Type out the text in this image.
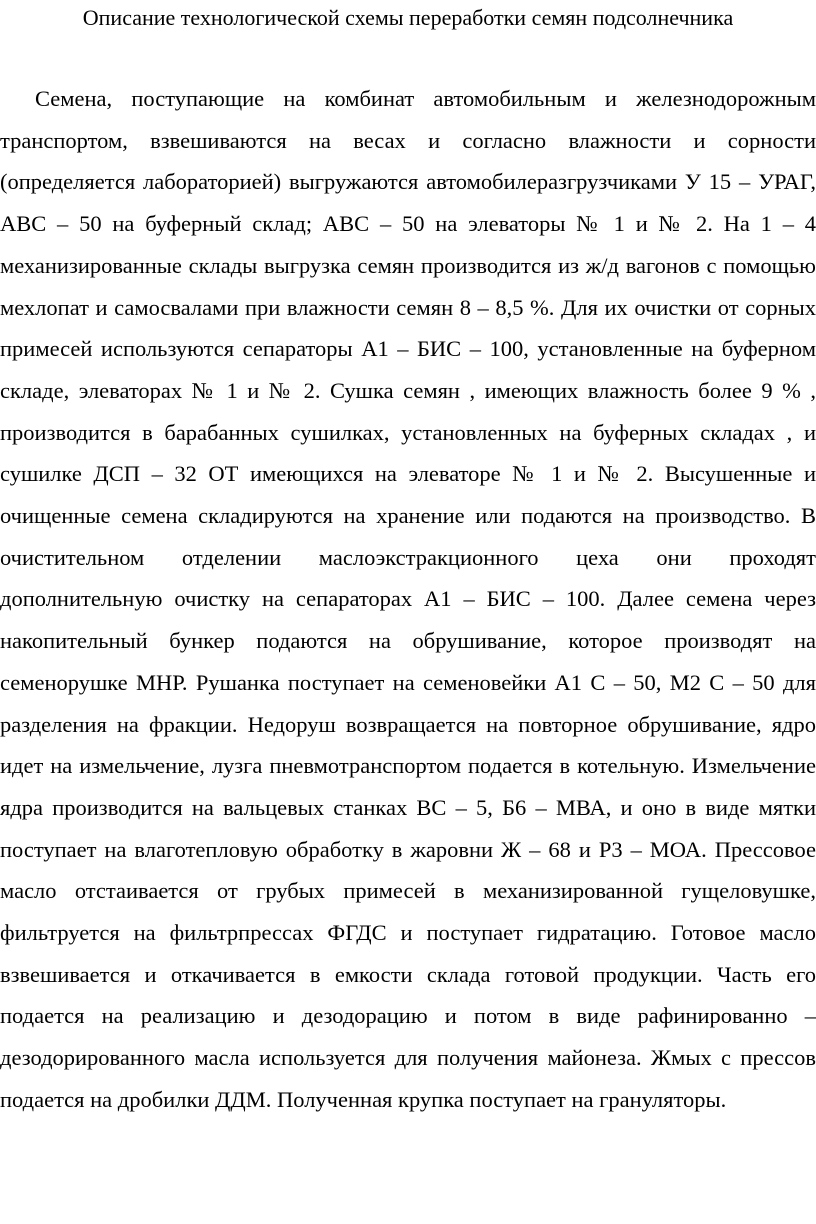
Описание технологической схемы переработки семян подсолнечника

Семена, поступающие на комбинат автомобильным и железнодорожным транспортом, взвешиваются на весах и согласно влажности и сорности (определяется лабораторией) выгружаются автомобилеразгрузчиками У 15 – УРАГ, АВС – 50 на буферный склад; АВС – 50 на элеваторы № 1 и № 2. На 1 – 4 механизированные склады выгрузка семян производится из ж/д вагонов с помощью мехлопат и самосвалами при влажности семян 8 – 8,5 %. Для их очистки от сорных примесей используются сепараторы А1 – БИС – 100, установленные на буферном складе, элеваторах № 1 и № 2. Сушка семян , имеющих влажность более 9 % , производится в барабанных сушилках, установленных на буферных складах , и сушилке ДСП – 32 ОТ имеющихся на элеваторе № 1 и № 2. Высушенные и очищенные семена складируются на хранение или подаются на производство. В очистительном отделении маслоэкстракционного цеха они проходят дополнительную очистку на сепараторах А1 – БИС – 100. Далее семена через накопительный бункер подаются на обрушивание, которое производят на семенорушке МНР. Рушанка поступает на семеновейки А1 С – 50, М2 С – 50 для разделения на фракции. Недоруш возвращается на повторное обрушивание, ядро идет на измельчение, лузга пневмотранспортом подается в котельную. Измельчение ядра производится на вальцевых станках ВС – 5, Б6 – МВА, и оно в виде мятки поступает на влаготепловую обработку в жаровни Ж – 68 и Р3 – МОА. Прессовое масло отстаивается от грубых примесей в механизированной гущеловушке, фильтруется на фильтрпрессах ФГДС и поступает гидратацию. Готовое масло взвешивается и откачивается в емкости склада готовой продукции. Часть его подается на реализацию и дезодорацию и потом в виде рафинированно – дезодорированного масла используется для получения майонеза. Жмых с прессов подается на дробилки ДДМ. Полученная крупка поступает на грануляторы.
